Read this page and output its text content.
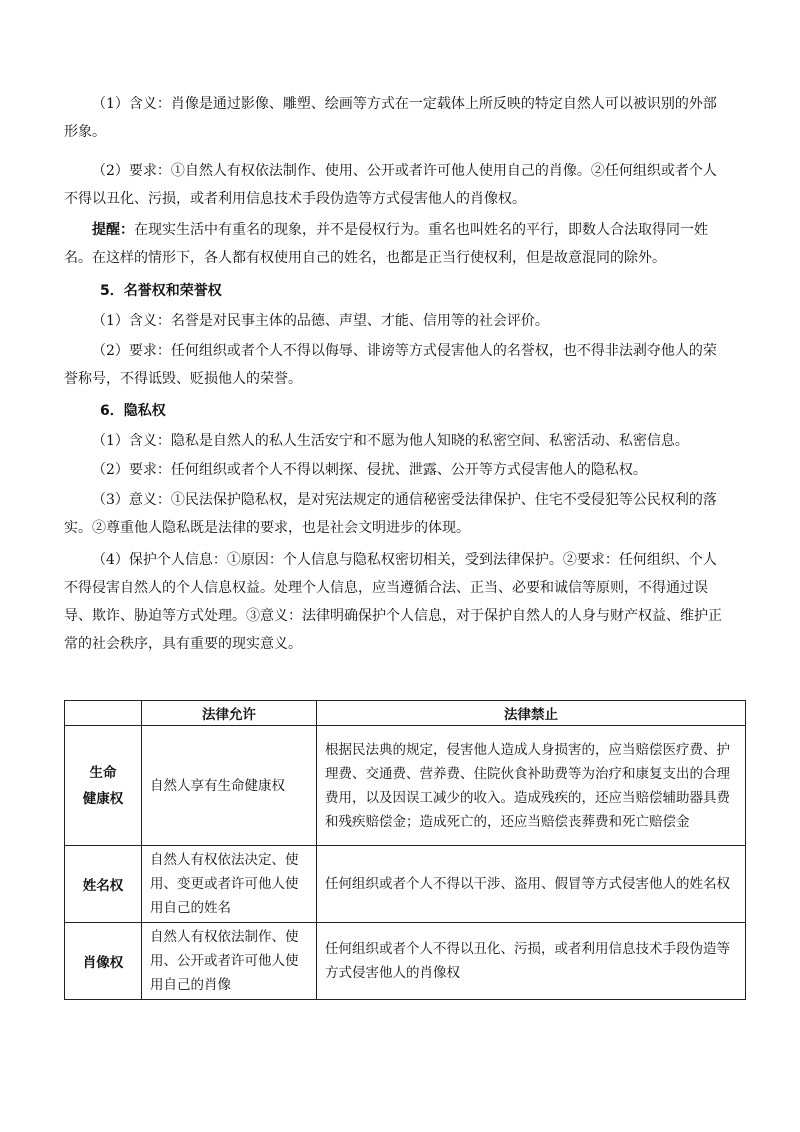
（1）含义：肖像是通过影像、雕塑、绘画等方式在一定载体上所反映的特定自然人可以被识别的外部形象。

（2）要求：①自然人有权依法制作、使用、公开或者许可他人使用自己的肖像。②任何组织或者个人不得以丑化、污损，或者利用信息技术手段伪造等方式侵害他人的肖像权。

提醒：在现实生活中有重名的现象，并不是侵权行为。重名也叫姓名的平行，即数人合法取得同一姓名。在这样的情形下，各人都有权使用自己的姓名，也都是正当行使权利，但是故意混同的除外。

5．名誉权和荣誉权

（1）含义：名誉是对民事主体的品德、声望、才能、信用等的社会评价。

（2）要求：任何组织或者个人不得以侮辱、诽谤等方式侵害他人的名誉权，也不得非法剥夺他人的荣誉称号，不得诋毁、贬损他人的荣誉。

6．隐私权

（1）含义：隐私是自然人的私人生活安宁和不愿为他人知晓的私密空间、私密活动、私密信息。

（2）要求：任何组织或者个人不得以刺探、侵扰、泄露、公开等方式侵害他人的隐私权。

（3）意义：①民法保护隐私权，是对宪法规定的通信秘密受法律保护、住宅不受侵犯等公民权利的落实。②尊重他人隐私既是法律的要求，也是社会文明进步的体现。

（4）保护个人信息：①原因：个人信息与隐私权密切相关，受到法律保护。②要求：任何组织、个人不得侵害自然人的个人信息权益。处理个人信息，应当遵循合法、正当、必要和诚信等原则，不得通过误导、欺诈、胁迫等方式处理。③意义：法律明确保护个人信息，对于保护自然人的人身与财产权益、维护正常的社会秩序，具有重要的现实意义。

	法律允许	法律禁止
生命
健康权	自然人享有生命健康权	根据民法典的规定，侵害他人造成人身损害的，应当赔偿医疗费、护理费、交通费、营养费、住院伙食补助费等为治疗和康复支出的合理费用，以及因误工减少的收入。造成残疾的，还应当赔偿辅助器具费和残疾赔偿金；造成死亡的，还应当赔偿丧葬费和死亡赔偿金
姓名权	自然人有权依法决定、使用、变更或者许可他人使用自己的姓名	任何组织或者个人不得以干涉、盗用、假冒等方式侵害他人的姓名权
肖像权	自然人有权依法制作、使用、公开或者许可他人使用自己的肖像	任何组织或者个人不得以丑化、污损，或者利用信息技术手段伪造等方式侵害他人的肖像权
